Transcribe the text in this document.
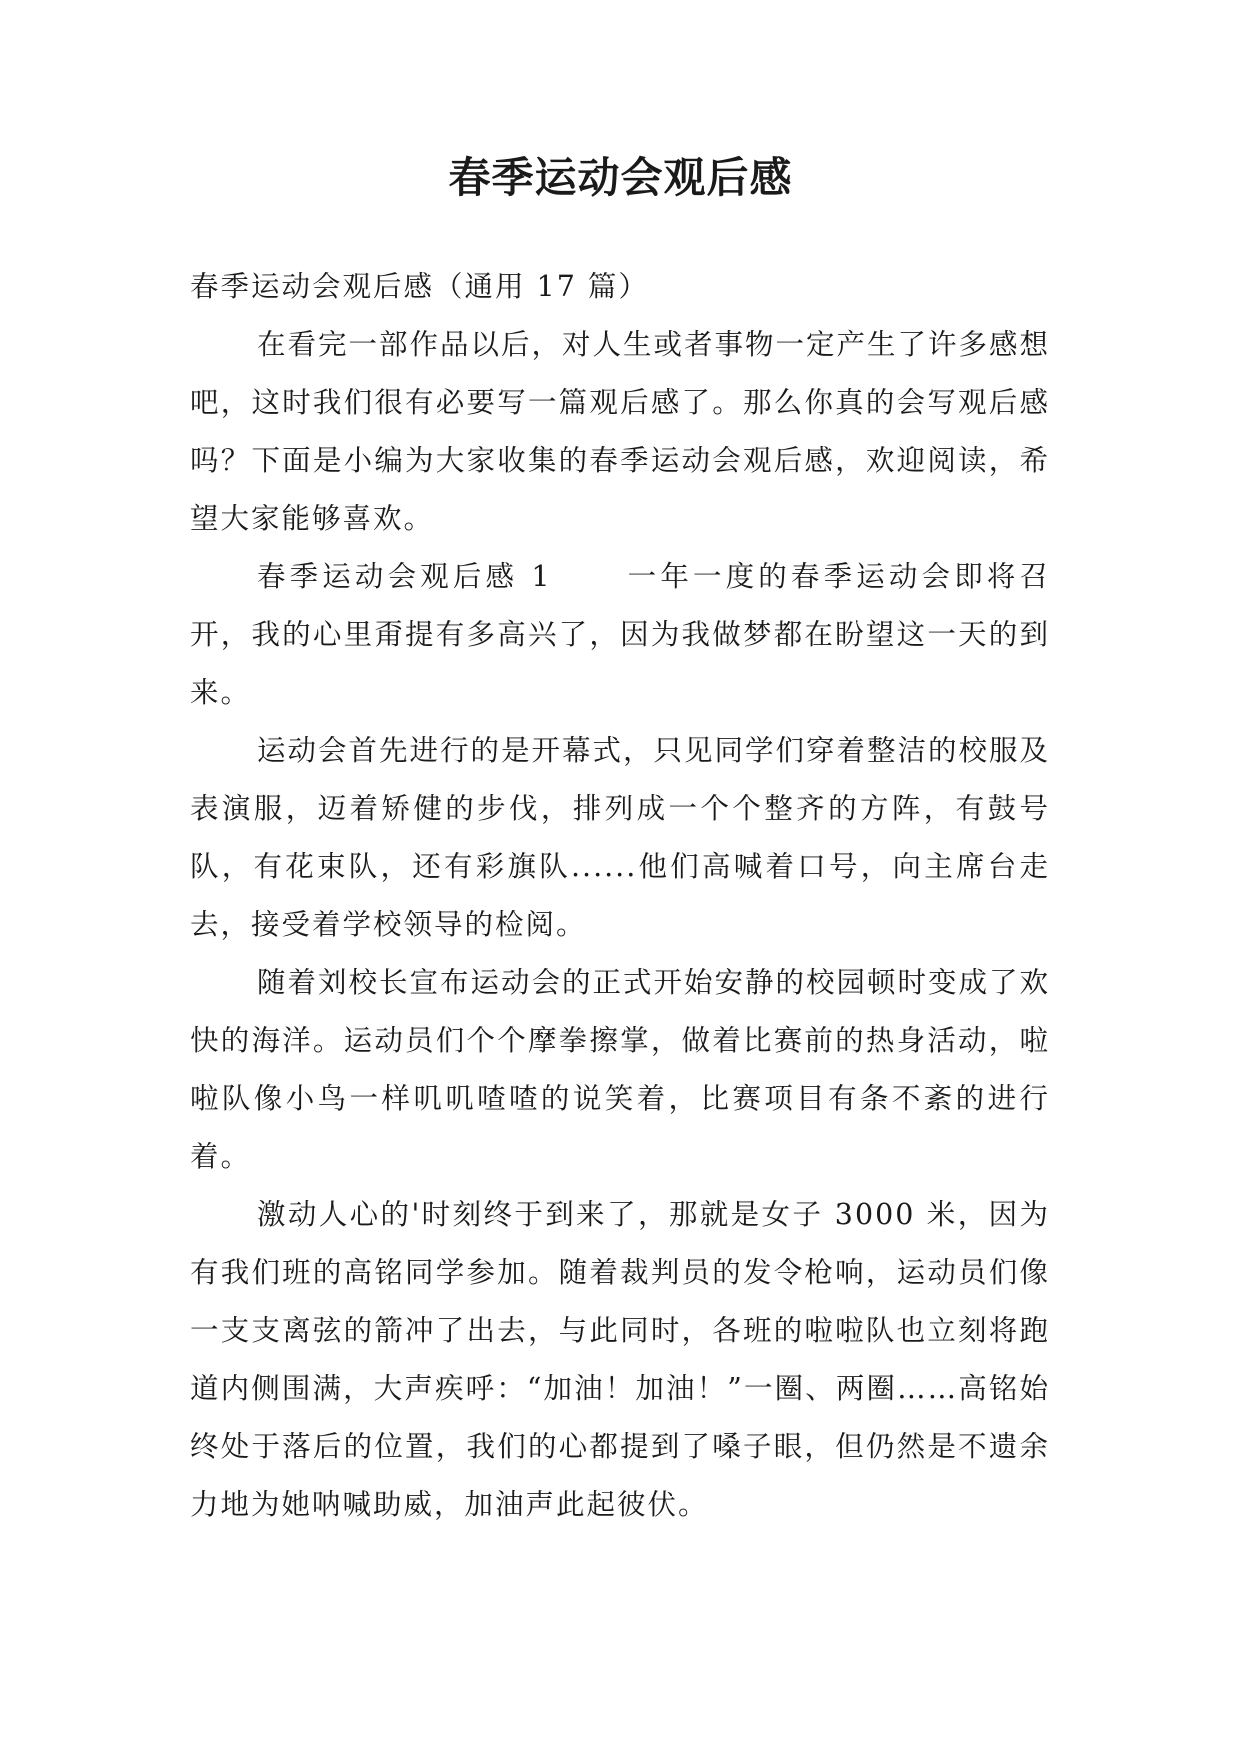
春季运动会观后感

春季运动会观后感（通用 17 篇）

在看完一部作品以后，对人生或者事物一定产生了许多感想吧，这时我们很有必要写一篇观后感了。那么你真的会写观后感吗？下面是小编为大家收集的春季运动会观后感，欢迎阅读，希望大家能够喜欢。

春季运动会观后感 1	一年一度的春季运动会即将召开，我的心里甭提有多高兴了，因为我做梦都在盼望这一天的到来。

运动会首先进行的是开幕式，只见同学们穿着整洁的校服及表演服，迈着矫健的步伐，排列成一个个整齐的方阵，有鼓号队，有花束队，还有彩旗队......他们高喊着口号，向主席台走去，接受着学校领导的检阅。

随着刘校长宣布运动会的正式开始安静的校园顿时变成了欢快的海洋。运动员们个个摩拳擦掌，做着比赛前的热身活动，啦啦队像小鸟一样叽叽喳喳的说笑着，比赛项目有条不紊的进行着。

激动人心的'时刻终于到来了，那就是女子 3000 米，因为有我们班的高铭同学参加。随着裁判员的发令枪响，运动员们像一支支离弦的箭冲了出去，与此同时，各班的啦啦队也立刻将跑道内侧围满，大声疾呼：“加油！加油！”一圈、两圈……高铭始终处于落后的位置，我们的心都提到了嗓子眼，但仍然是不遗余力地为她呐喊助威，加油声此起彼伏。
